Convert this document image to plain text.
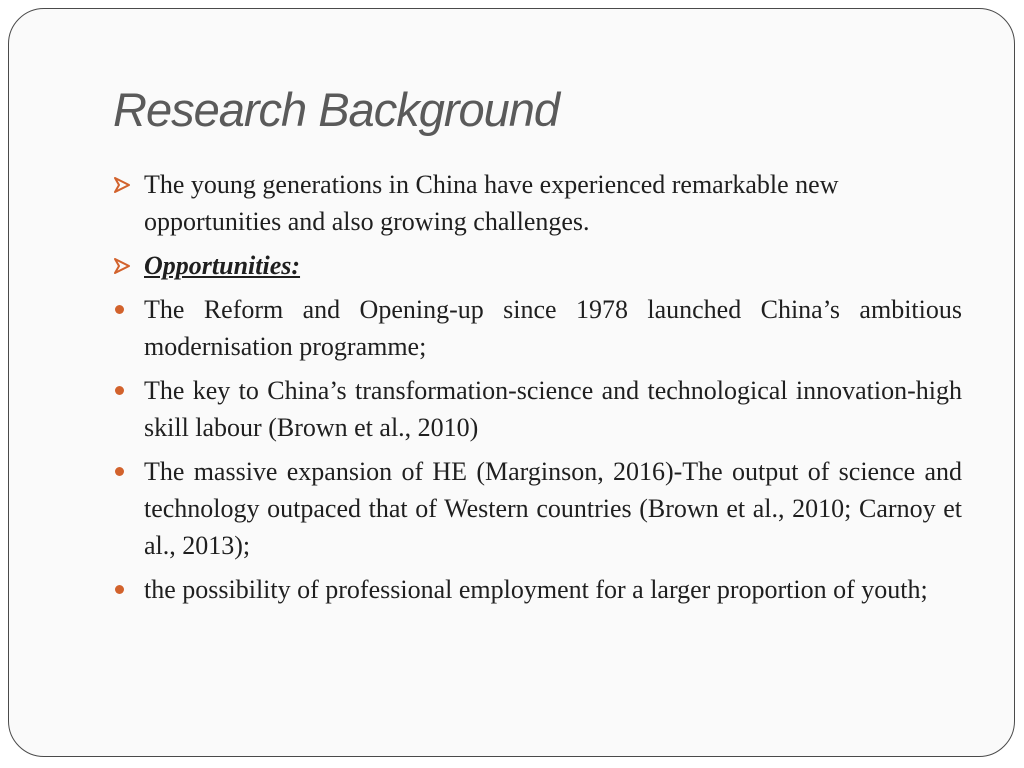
Research Background
The young generations in China have experienced remarkable new opportunities and also growing challenges.
Opportunities:
The Reform and Opening-up since 1978 launched China’s ambitious modernisation programme;
The key to China’s transformation-science and technological innovation-high skill labour (Brown et al., 2010)
The massive expansion of HE (Marginson, 2016)-The output of science and technology outpaced that of Western countries (Brown et al., 2010; Carnoy et al., 2013);
the possibility of professional employment for a larger proportion of youth;
